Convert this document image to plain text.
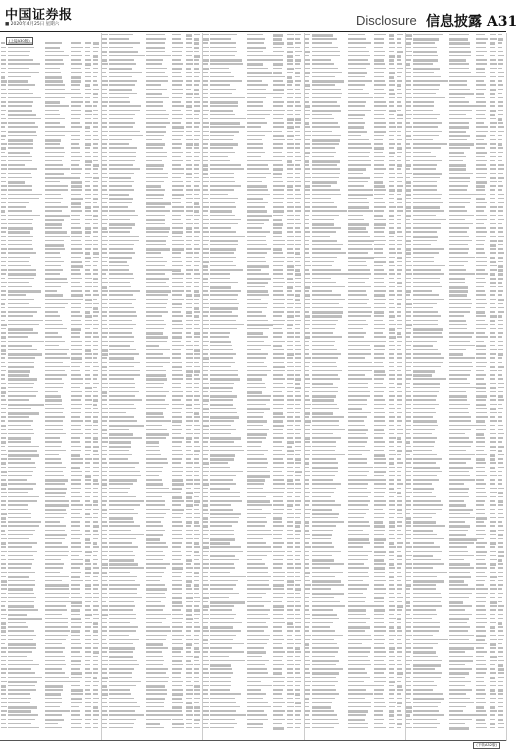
中国证券报
■ 2020年4月25日 星期六	Disclosure 信息披露 A31
(上接A30版)
(下转A32版)
